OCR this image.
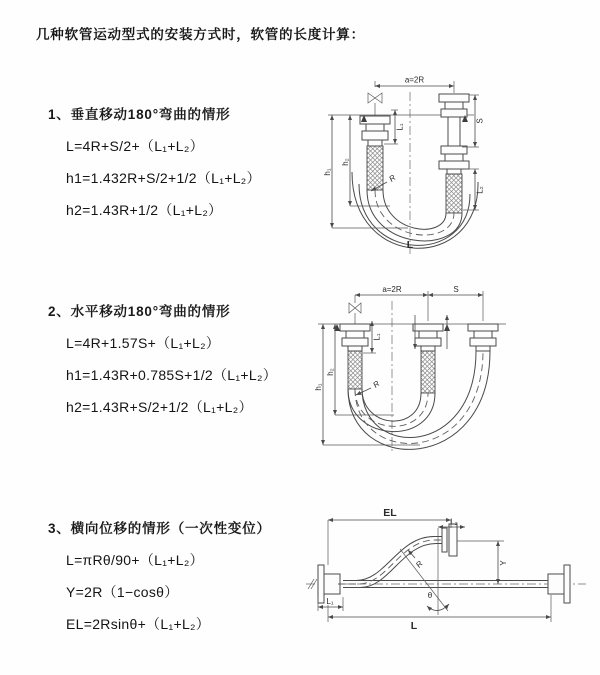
几种软管运动型式的安装方式时，软管的长度计算：
1、垂直移动180°弯曲的情形
L=4R+S/2+（L₁+L₂）
h1=1.432R+S/2+1/2（L₁+L₂）
h2=1.43R+1/2（L₁+L₂）
2、水平移动180°弯曲的情形
L=4R+1.57S+（L₁+L₂）
h1=1.43R+0.785S+1/2（L₁+L₂）
h2=1.43R+S/2+1/2（L₁+L₂）
3、横向位移的情形（一次性变位）
L=πRθ/90+（L₁+L₂）
Y=2R（1−cosθ）
EL=2Rsinθ+（L₁+L₂）
a=2R
S
L₂
L₁
h₁
h₂
R
L
a=2R	S
L₁
h₁
h₂
R
EL
L₂
Y
θ
R
L₁
L
